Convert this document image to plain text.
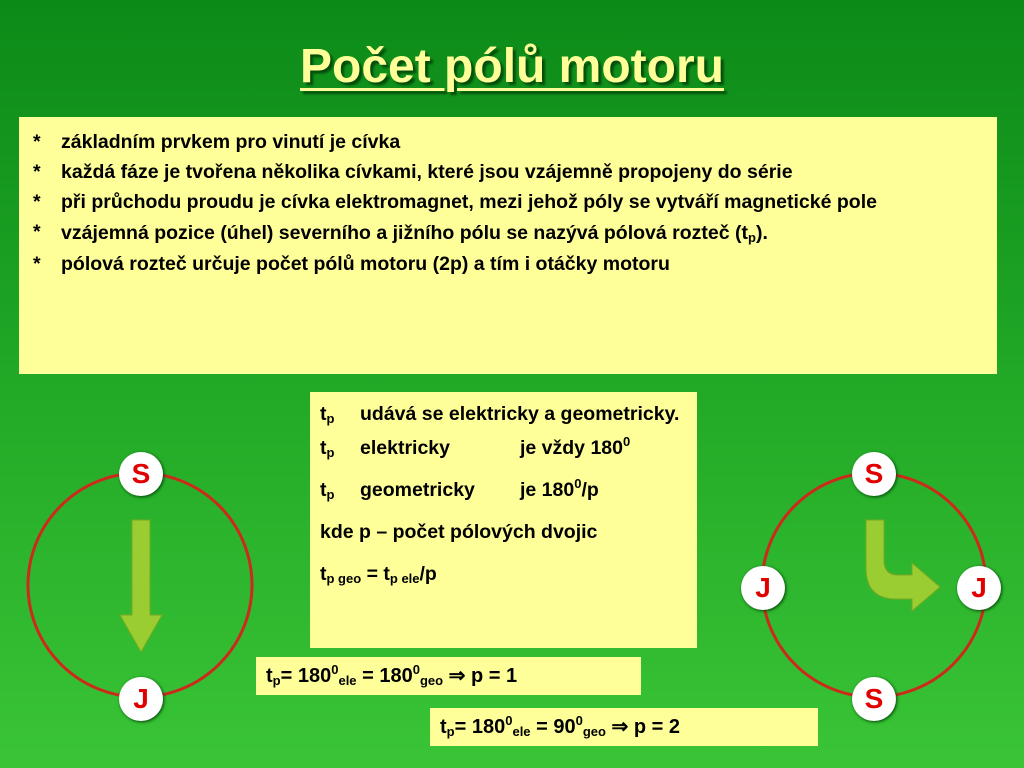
Počet pólů motoru
*	základním prvkem pro vinutí je cívka
*	každá fáze je tvořena několika cívkami, které jsou vzájemně propojeny do série
*	při průchodu proudu je cívka elektromagnet, mezi jehož póly se vytváří magnetické pole
*	vzájemná pozice (úhel) severního a jižního pólu se nazývá pólová rozteč $(t_p)$.
*	pólová rozteč určuje počet pólů motoru (2p) a tím i otáčky motoru
$t_p$	udává se elektricky a geometricky.
$t_p$	elektricky	je vždy $180^0$
$t_p$	geometricky	je $180^0/p$
kde p – počet pólových dvojic
$t_{p geo} = t_{p ele}/p$
$t_p= 180^0_{ele} = 180^0_{geo}$ ⇒ p = 1
$t_p= 180^0_{ele} = 90^0_{geo}$ ⇒ p = 2
S
J
S
J	J
S
